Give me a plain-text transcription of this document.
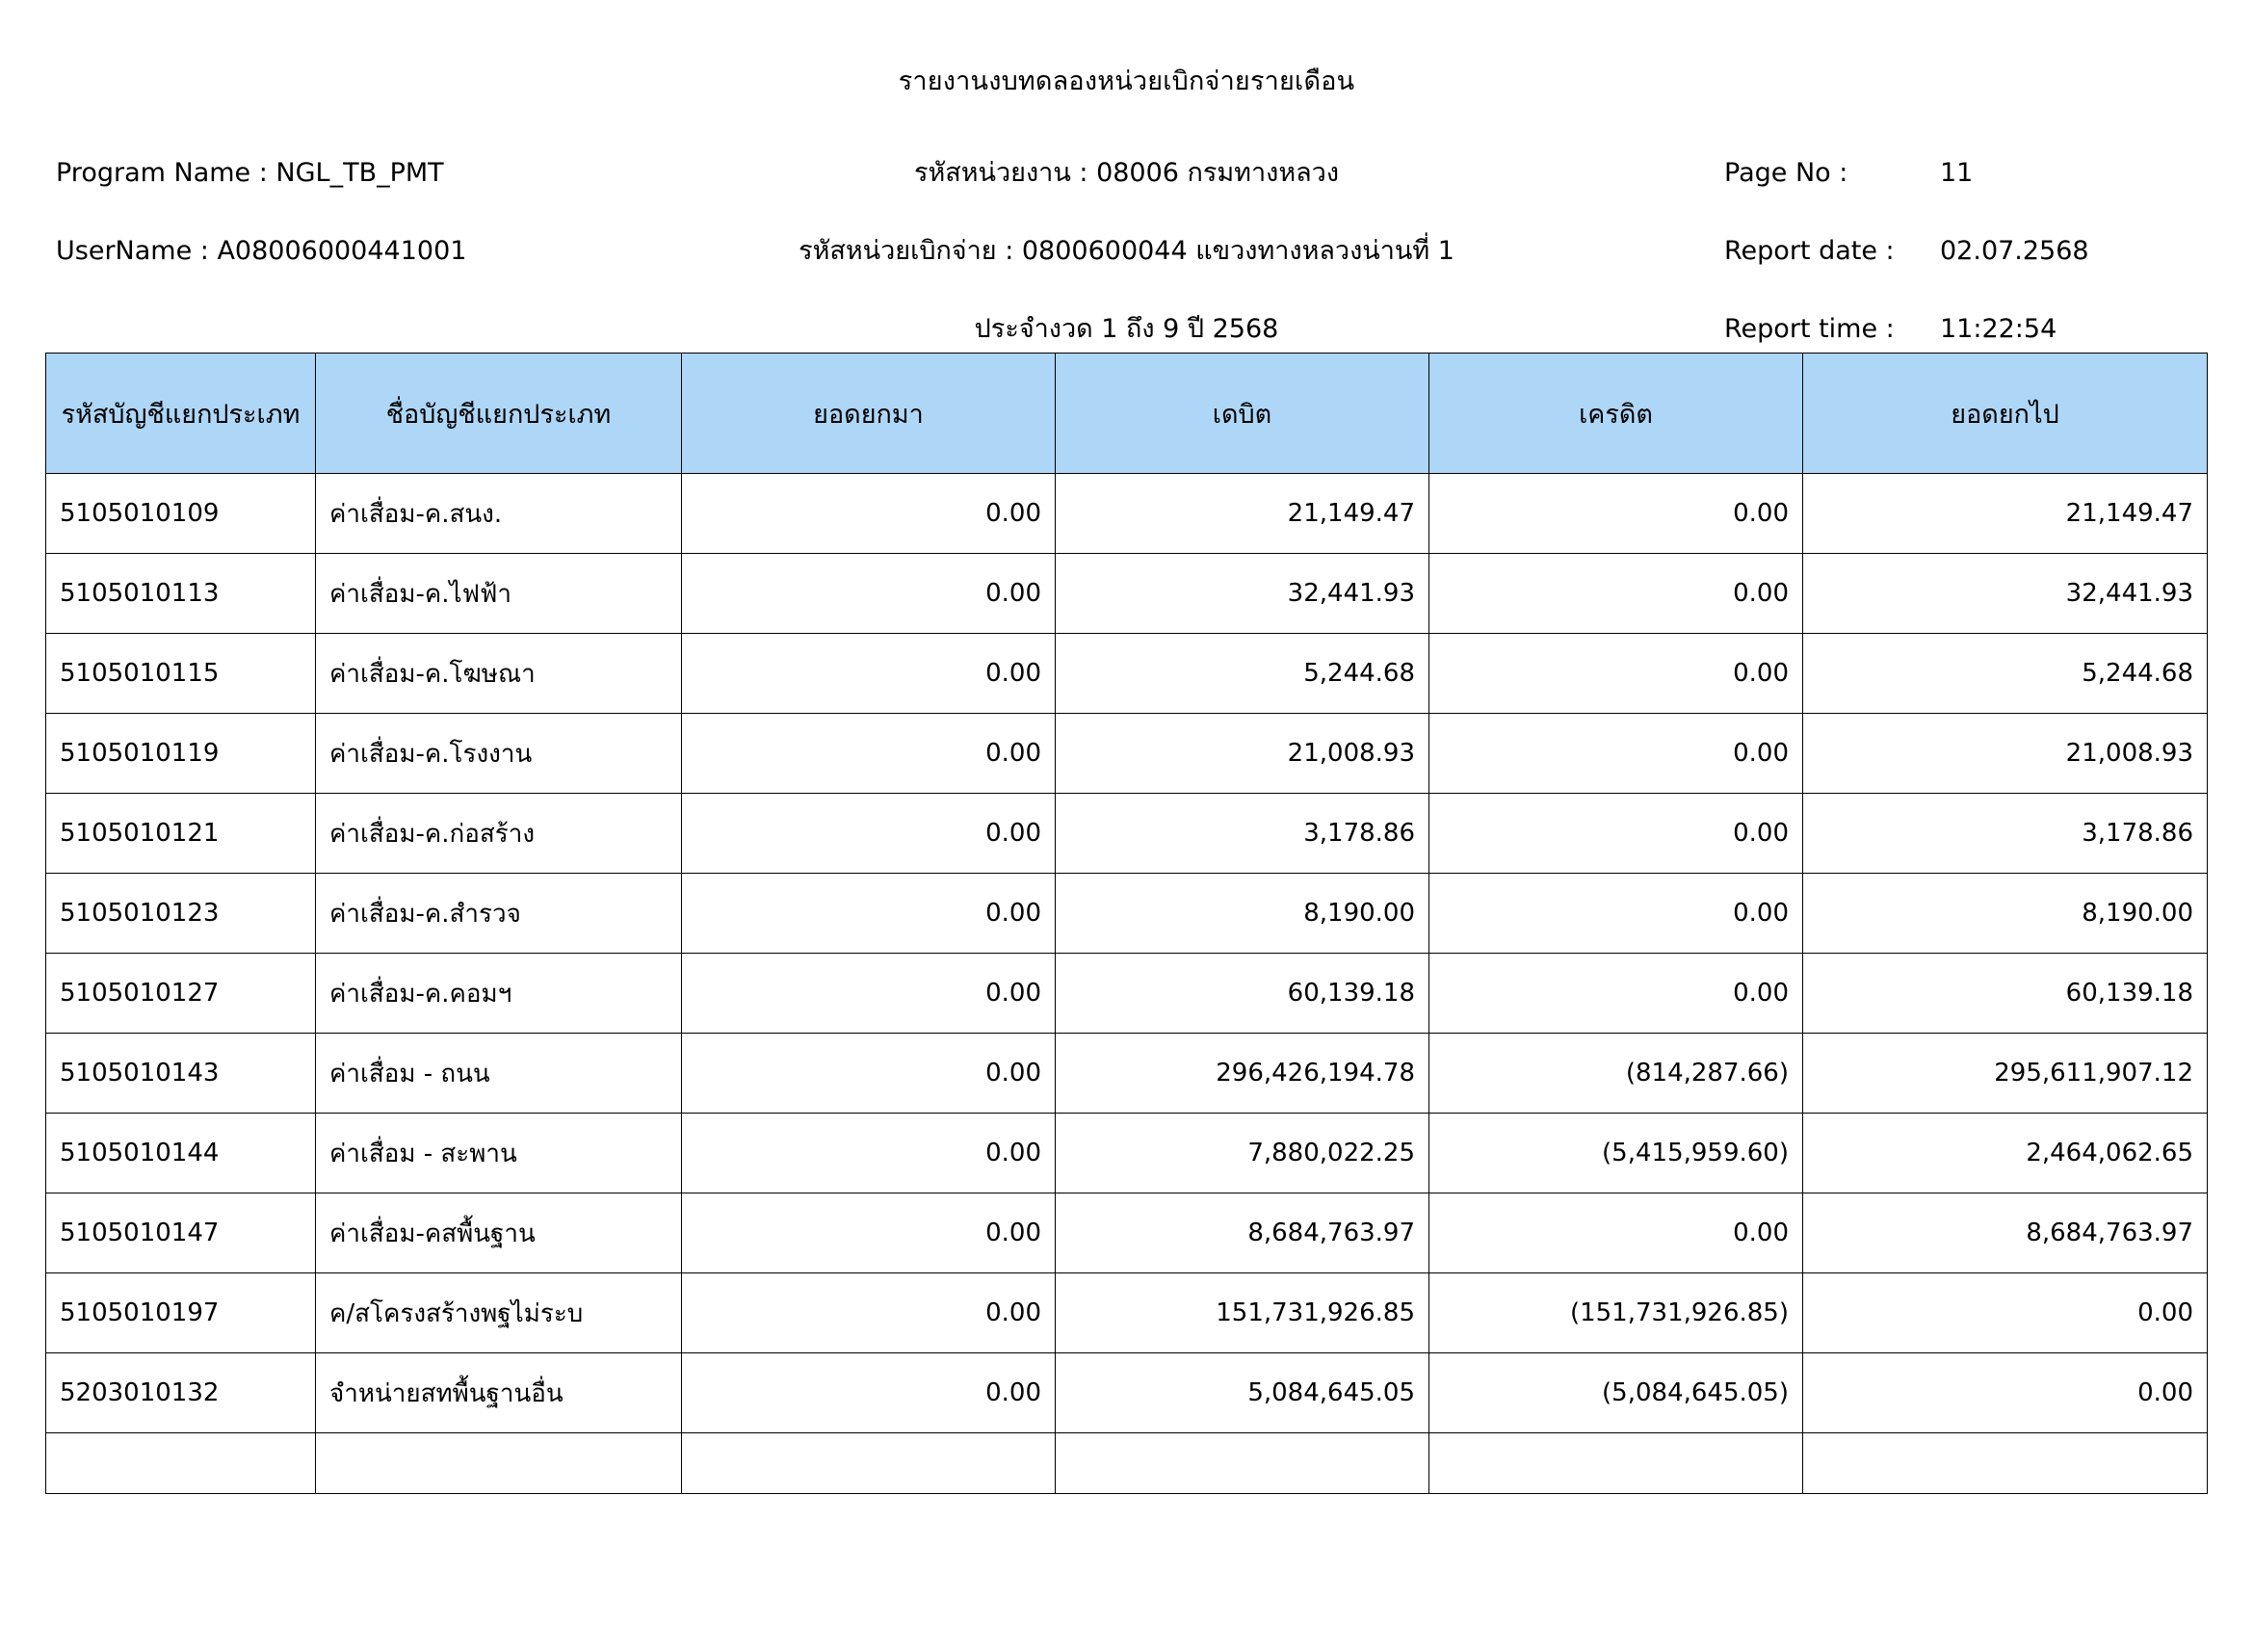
รายงานงบทดลองหน่วยเบิกจ่ายรายเดือน
Program Name : NGL_TB_PMT
UserName : A08006000441001
รหัสหน่วยงาน : 08006 กรมทางหลวง
รหัสหน่วยเบิกจ่าย : 0800600044 แขวงทางหลวงน่านที่ 1
ประจำงวด 1 ถึง 9 ปี 2568
Page No :	11
Report date : 02.07.2568
Report time : 11:22:54
รหัสบัญชีแยกประเภท	ชื่อบัญชีแยกประเภท	ยอดยกมา	เดบิต	เครดิต	ยอดยกไป
5105010109	ค่าเสื่อม-ค.สนง.	0.00	21,149.47	0.00	21,149.47
5105010113	ค่าเสื่อม-ค.ไฟฟ้า	0.00	32,441.93	0.00	32,441.93
5105010115	ค่าเสื่อม-ค.โฆษณา	0.00	5,244.68	0.00	5,244.68
5105010119	ค่าเสื่อม-ค.โรงงาน	0.00	21,008.93	0.00	21,008.93
5105010121	ค่าเสื่อม-ค.ก่อสร้าง	0.00	3,178.86	0.00	3,178.86
5105010123	ค่าเสื่อม-ค.สำรวจ	0.00	8,190.00	0.00	8,190.00
5105010127	ค่าเสื่อม-ค.คอมฯ	0.00	60,139.18	0.00	60,139.18
5105010143	ค่าเสื่อม - ถนน	0.00	296,426,194.78	(814,287.66)	295,611,907.12
5105010144	ค่าเสื่อม - สะพาน	0.00	7,880,022.25	(5,415,959.60)	2,464,062.65
5105010147	ค่าเสื่อม-คสพื้นฐาน	0.00	8,684,763.97	0.00	8,684,763.97
5105010197	ค/สโครงสร้างพฐไม่ระบ	0.00	151,731,926.85	(151,731,926.85)	0.00
5203010132	จำหน่ายสทพื้นฐานอื่น	0.00	5,084,645.05	(5,084,645.05)	0.00
